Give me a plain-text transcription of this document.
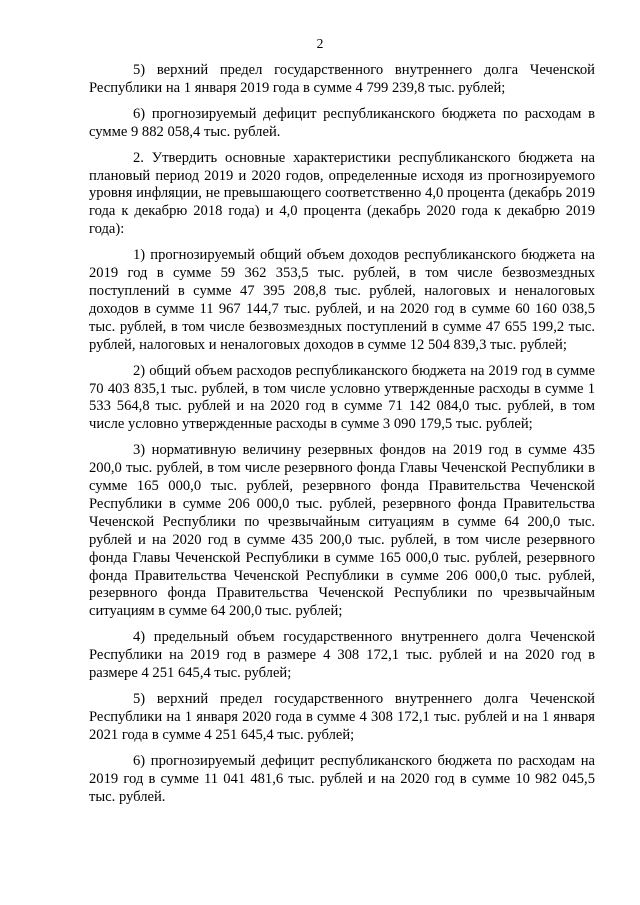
2

5) верхний предел государственного внутреннего долга Чеченской Республики на 1 января 2019 года в сумме 4 799 239,8 тыс. рублей;

6) прогнозируемый дефицит республиканского бюджета по расходам в сумме 9 882 058,4 тыс. рублей.

2. Утвердить основные характеристики республиканского бюджета на плановый период 2019 и 2020 годов, определенные исходя из прогнозируемого уровня инфляции, не превышающего соответственно 4,0 процента (декабрь 2019 года к декабрю 2018 года) и 4,0 процента (декабрь 2020 года к декабрю 2019 года):

1) прогнозируемый общий объем доходов республиканского бюджета на 2019 год в сумме 59 362 353,5 тыс. рублей, в том числе безвозмездных поступлений в сумме 47 395 208,8 тыс. рублей, налоговых и неналоговых доходов в сумме 11 967 144,7 тыс. рублей, и на 2020 год в сумме 60 160 038,5 тыс. рублей, в том числе безвозмездных поступлений в сумме 47 655 199,2 тыс. рублей, налоговых и неналоговых доходов в сумме 12 504 839,3 тыс. рублей;

2) общий объем расходов республиканского бюджета на 2019 год в сумме 70 403 835,1 тыс. рублей, в том числе условно утвержденные расходы в сумме 1 533 564,8 тыс. рублей и на 2020 год в сумме 71 142 084,0 тыс. рублей, в том числе условно утвержденные расходы в сумме 3 090 179,5 тыс. рублей;

3) нормативную величину резервных фондов на 2019 год в сумме 435 200,0 тыс. рублей, в том числе резервного фонда Главы Чеченской Республики в сумме 165 000,0 тыс. рублей, резервного фонда Правительства Чеченской Республики в сумме 206 000,0 тыс. рублей, резервного фонда Правительства Чеченской Республики по чрезвычайным ситуациям в сумме 64 200,0 тыс. рублей и на 2020 год в сумме 435 200,0 тыс. рублей, в том числе резервного фонда Главы Чеченской Республики в сумме 165 000,0 тыс. рублей, резервного фонда Правительства Чеченской Республики в сумме 206 000,0 тыс. рублей, резервного фонда Правительства Чеченской Республики по чрезвычайным ситуациям в сумме 64 200,0 тыс. рублей;

4) предельный объем государственного внутреннего долга Чеченской Республики на 2019 год в размере 4 308 172,1 тыс. рублей и на 2020 год в размере 4 251 645,4 тыс. рублей;

5) верхний предел государственного внутреннего долга Чеченской Республики на 1 января 2020 года в сумме 4 308 172,1 тыс. рублей и на 1 января 2021 года в сумме 4 251 645,4 тыс. рублей;

6) прогнозируемый дефицит республиканского бюджета по расходам на 2019 год в сумме 11 041 481,6 тыс. рублей и на 2020 год в сумме 10 982 045,5 тыс. рублей.
